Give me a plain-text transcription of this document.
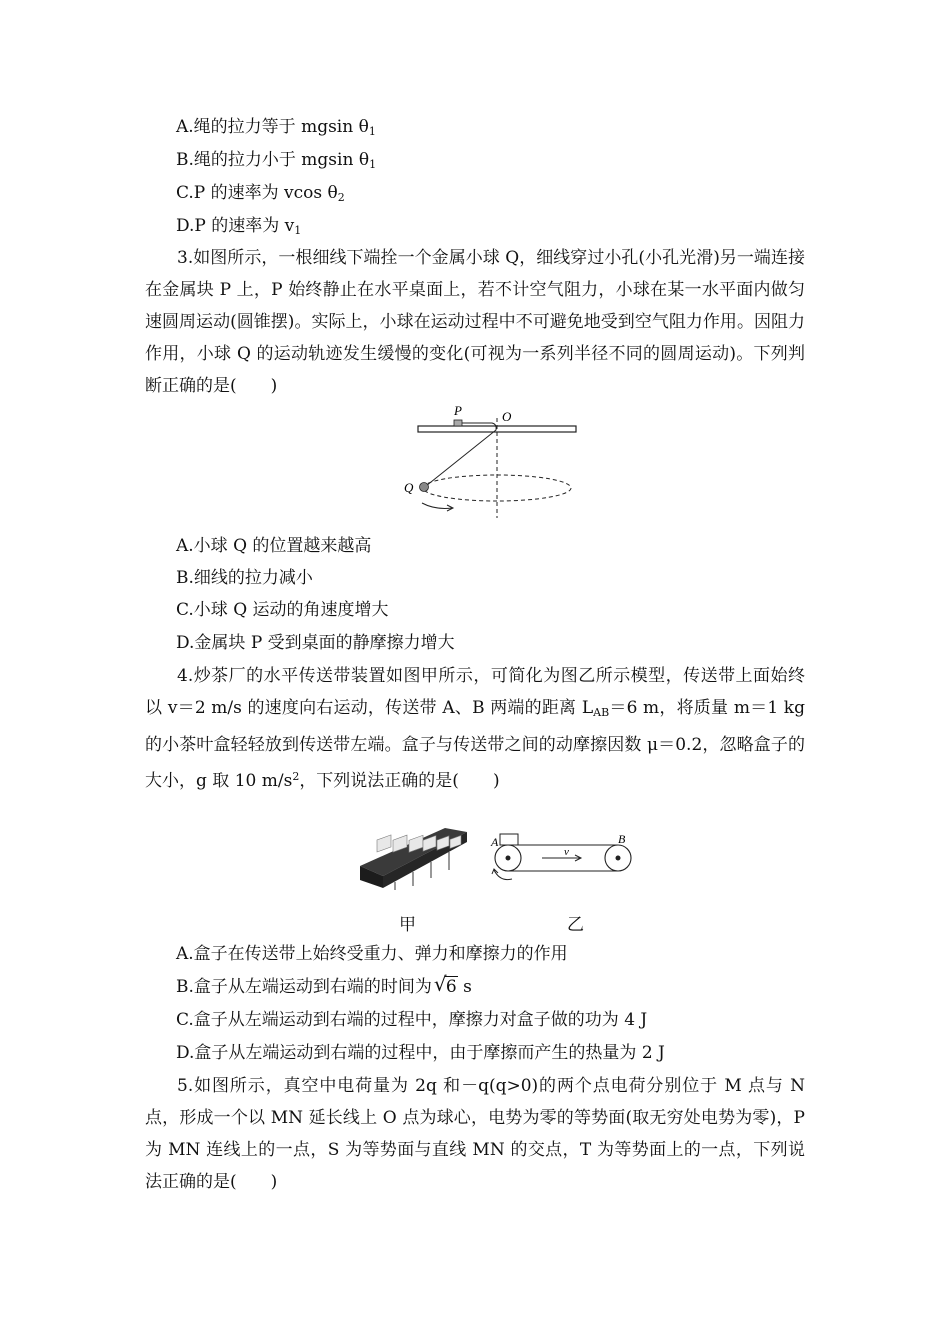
A.绳的拉力等于 mgsin $\theta_1$
B.绳的拉力小于 mgsin $\theta_1$
C.P 的速率为 vcos $\theta_2$
D.P 的速率为 $v_1$
3.如图所示，一根细线下端拴一个金属小球 Q，细线穿过小孔(小孔光滑)另一端连接在金属块 P 上，P 始终静止在水平桌面上，若不计空气阻力，小球在某一水平面内做匀速圆周运动(圆锥摆)。实际上，小球在运动过程中不可避免地受到空气阻力作用。因阻力作用，小球 Q 的运动轨迹发生缓慢的变化(可视为一系列半径不同的圆周运动)。下列判断正确的是(　　)
P	O
Q
A.小球 Q 的位置越来越高
B.细线的拉力减小
C.小球 Q 运动的角速度增大
D.金属块 P 受到桌面的静摩擦力增大
4.炒茶厂的水平传送带装置如图甲所示，可简化为图乙所示模型，传送带上面始终以 v＝2 m/s 的速度向右运动，传送带 A、B 两端的距离 $L_{AB}=6$ m，将质量 m＝1 kg 的小茶叶盒轻轻放到传送带左端。盒子与传送带之间的动摩擦因数 μ＝0.2，忽略盒子的大小，g 取 10 $m/s^2$，下列说法正确的是(　　)
A	B
v
甲	乙
A.盒子在传送带上始终受重力、弹力和摩擦力的作用
B.盒子从左端运动到右端的时间为 √ 6 s
C.盒子从左端运动到右端的过程中，摩擦力对盒子做的功为 4 J
D.盒子从左端运动到右端的过程中，由于摩擦而产生的热量为 2 J
5.如图所示，真空中电荷量为 2q 和－q(q>0)的两个点电荷分别位于 M 点与 N 点，形成一个以 MN 延长线上 O 点为球心，电势为零的等势面(取无穷处电势为零)，P 为 MN 连线上的一点，S 为等势面与直线 MN 的交点，T 为等势面上的一点，下列说法正确的是(　　)
